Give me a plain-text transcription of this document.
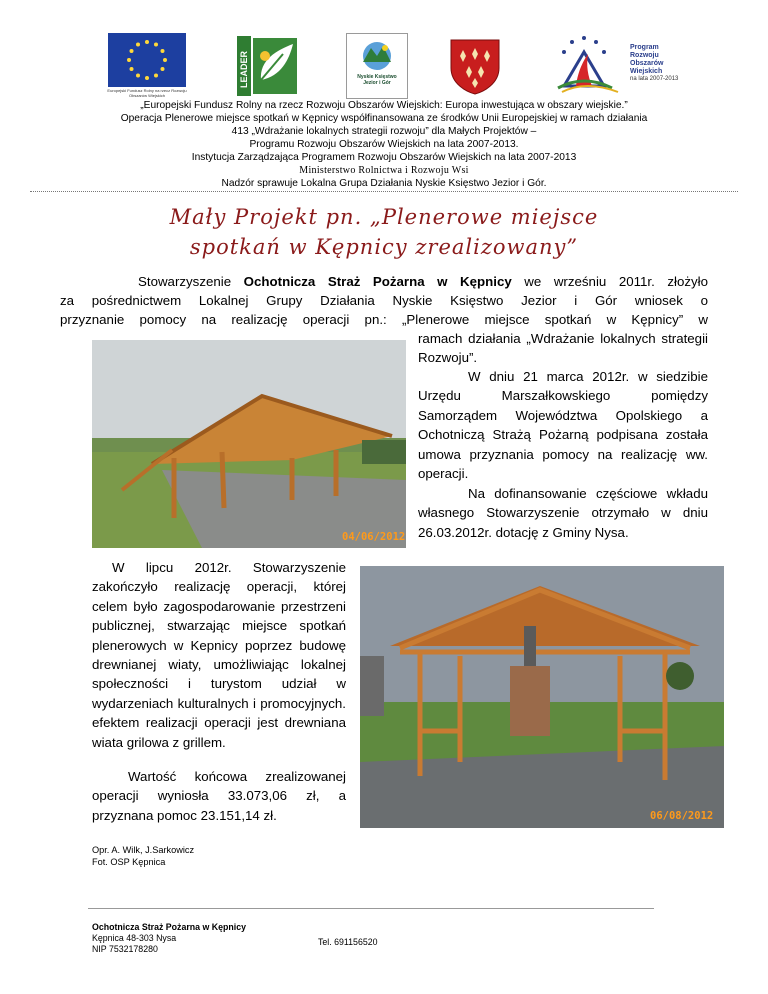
Europejski Fundusz Rolny na rzecz Rozwoju Obszarów Wiejskich
LEADER	Nyskie Księstwo
Jezior i Gór
Program
Rozwoju
Obszarów
Wiejskich
na lata 2007-2013
„Europejski Fundusz Rolny na rzecz Rozwoju Obszarów Wiejskich: Europa inwestująca w obszary wiejskie.”
Operacja Plenerowe miejsce spotkań w Kępnicy współfinansowana ze środków Unii Europejskiej w ramach działania
413 „Wdrażanie lokalnych strategii rozwoju” dla Małych Projektów –
Programu Rozwoju Obszarów Wiejskich na lata 2007-2013.
Instytucja Zarządzająca Programem Rozwoju Obszarów Wiejskich na lata 2007-2013
Ministerstwo Rolnictwa i Rozwoju Wsi
Nadzór sprawuje Lokalna Grupa Działania Nyskie Księstwo Jezior i Gór.
Mały Projekt pn. „Plenerowe miejsce
spotkań w Kępnicy zrealizowany”
Stowarzyszenie Ochotnicza Straż Pożarna w Kępnicy we wrześniu 2011r. złożyło
za pośrednictwem Lokalnej Grupy Działania Nyskie Księstwo Jezior i Gór wniosek o
przyznanie pomocy na realizację operacji pn.: „Plenerowe miejsce spotkań w Kępnicy” w
04/06/2012
ramach działania „Wdrażanie lokalnych strategii Rozwoju”.
W dniu 21 marca 2012r. w siedzibie Urzędu Marszałkowskiego pomiędzy Samorządem Województwa Opolskiego a Ochotniczą Strażą Pożarną podpisana została umowa przyznania pomocy na realizację ww. operacji.
Na dofinansowanie częściowe wkładu własnego Stowarzyszenie otrzymało w dniu 26.03.2012r. dotację z Gminy Nysa.
W lipcu 2012r. Stowarzyszenie zakończyło realizację operacji, której celem było zagospodarowanie przestrzeni publicznej, stwarzając miejsce spotkań plenerowych w Kepnicy poprzez budowę drewnianej wiaty, umożliwiając lokalnej społeczności i turystom udział w wydarzeniach kulturalnych i promocyjnych. efektem realizacji operacji jest drewniana wiata grilowa z grillem.
Wartość końcowa zrealizowanej operacji wyniosła 33.073,06 zł, a przyznana pomoc 23.151,14 zł.	06/08/2012
Opr. A. Wilk, J.Sarkowicz
Fot. OSP Kępnica
Ochotnicza Straż Pożarna w Kępnicy
Kępnica 48-303 Nysa
NIP 7532178280
Tel. 691156520
